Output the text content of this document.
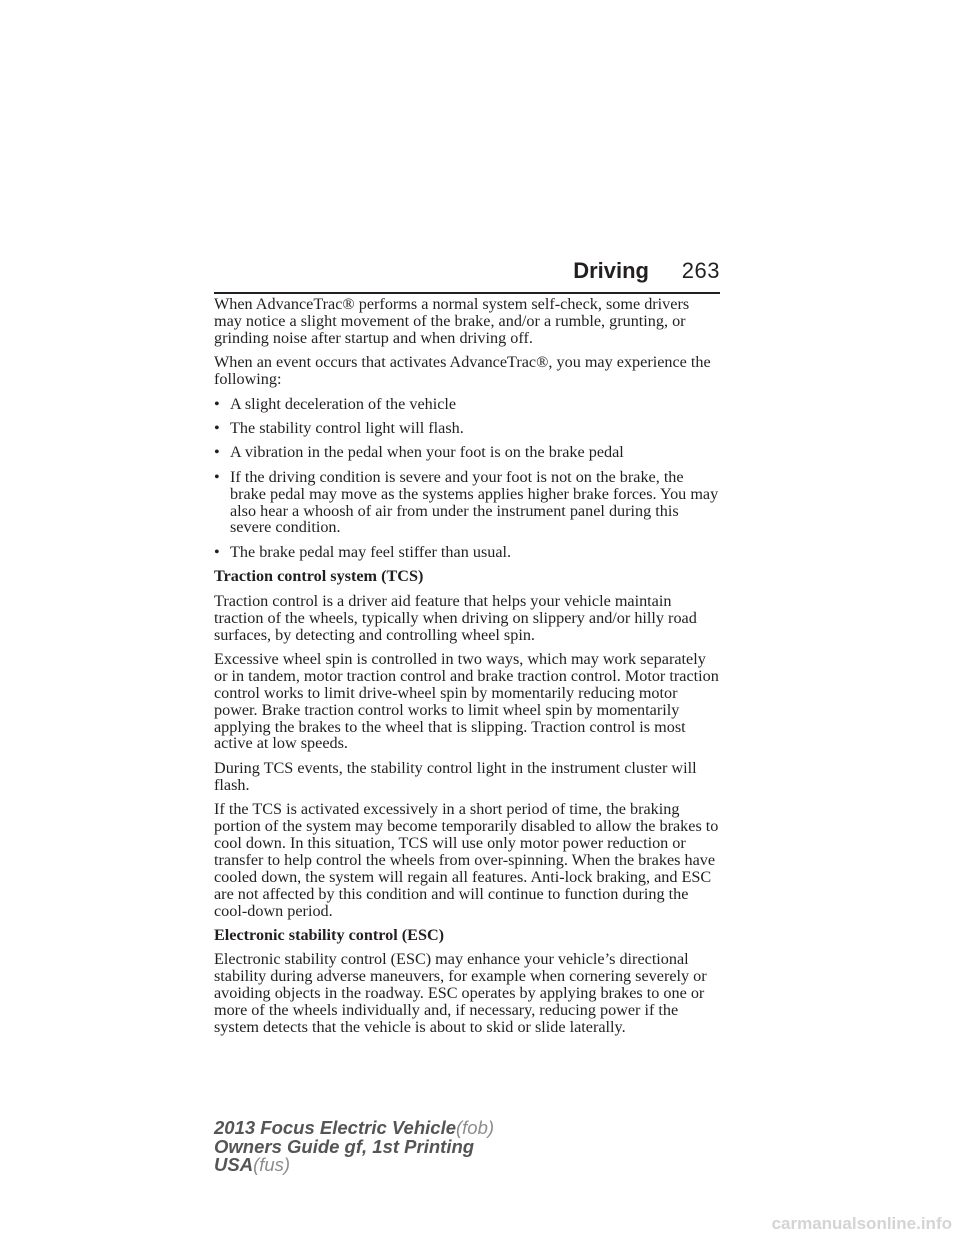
Driving 263

When AdvanceTrac® performs a normal system self-check, some drivers may notice a slight movement of the brake, and/or a rumble, grunting, or grinding noise after startup and when driving off.

When an event occurs that activates AdvanceTrac®, you may experience the following:

• A slight deceleration of the vehicle
• The stability control light will flash.
• A vibration in the pedal when your foot is on the brake pedal
• If the driving condition is severe and your foot is not on the brake, the brake pedal may move as the systems applies higher brake forces. You may also hear a whoosh of air from under the instrument panel during this severe condition.
• The brake pedal may feel stiffer than usual.
Traction control system (TCS)

Traction control is a driver aid feature that helps your vehicle maintain traction of the wheels, typically when driving on slippery and/or hilly road surfaces, by detecting and controlling wheel spin.

Excessive wheel spin is controlled in two ways, which may work separately or in tandem, motor traction control and brake traction control. Motor traction control works to limit drive-wheel spin by momentarily reducing motor power. Brake traction control works to limit wheel spin by momentarily applying the brakes to the wheel that is slipping. Traction control is most active at low speeds.

During TCS events, the stability control light in the instrument cluster will flash.

If the TCS is activated excessively in a short period of time, the braking portion of the system may become temporarily disabled to allow the brakes to cool down. In this situation, TCS will use only motor power reduction or transfer to help control the wheels from over-spinning. When the brakes have cooled down, the system will regain all features. Anti-lock braking, and ESC are not affected by this condition and will continue to function during the cool-down period.

Electronic stability control (ESC)

Electronic stability control (ESC) may enhance your vehicle’s directional stability during adverse maneuvers, for example when cornering severely or avoiding objects in the roadway. ESC operates by applying brakes to one or more of the wheels individually and, if necessary, reducing power if the system detects that the vehicle is about to skid or slide laterally.

2013 Focus Electric Vehicle(fob)
Owners Guide gf, 1st Printing
USA(fus)
carmanualsonline.info
